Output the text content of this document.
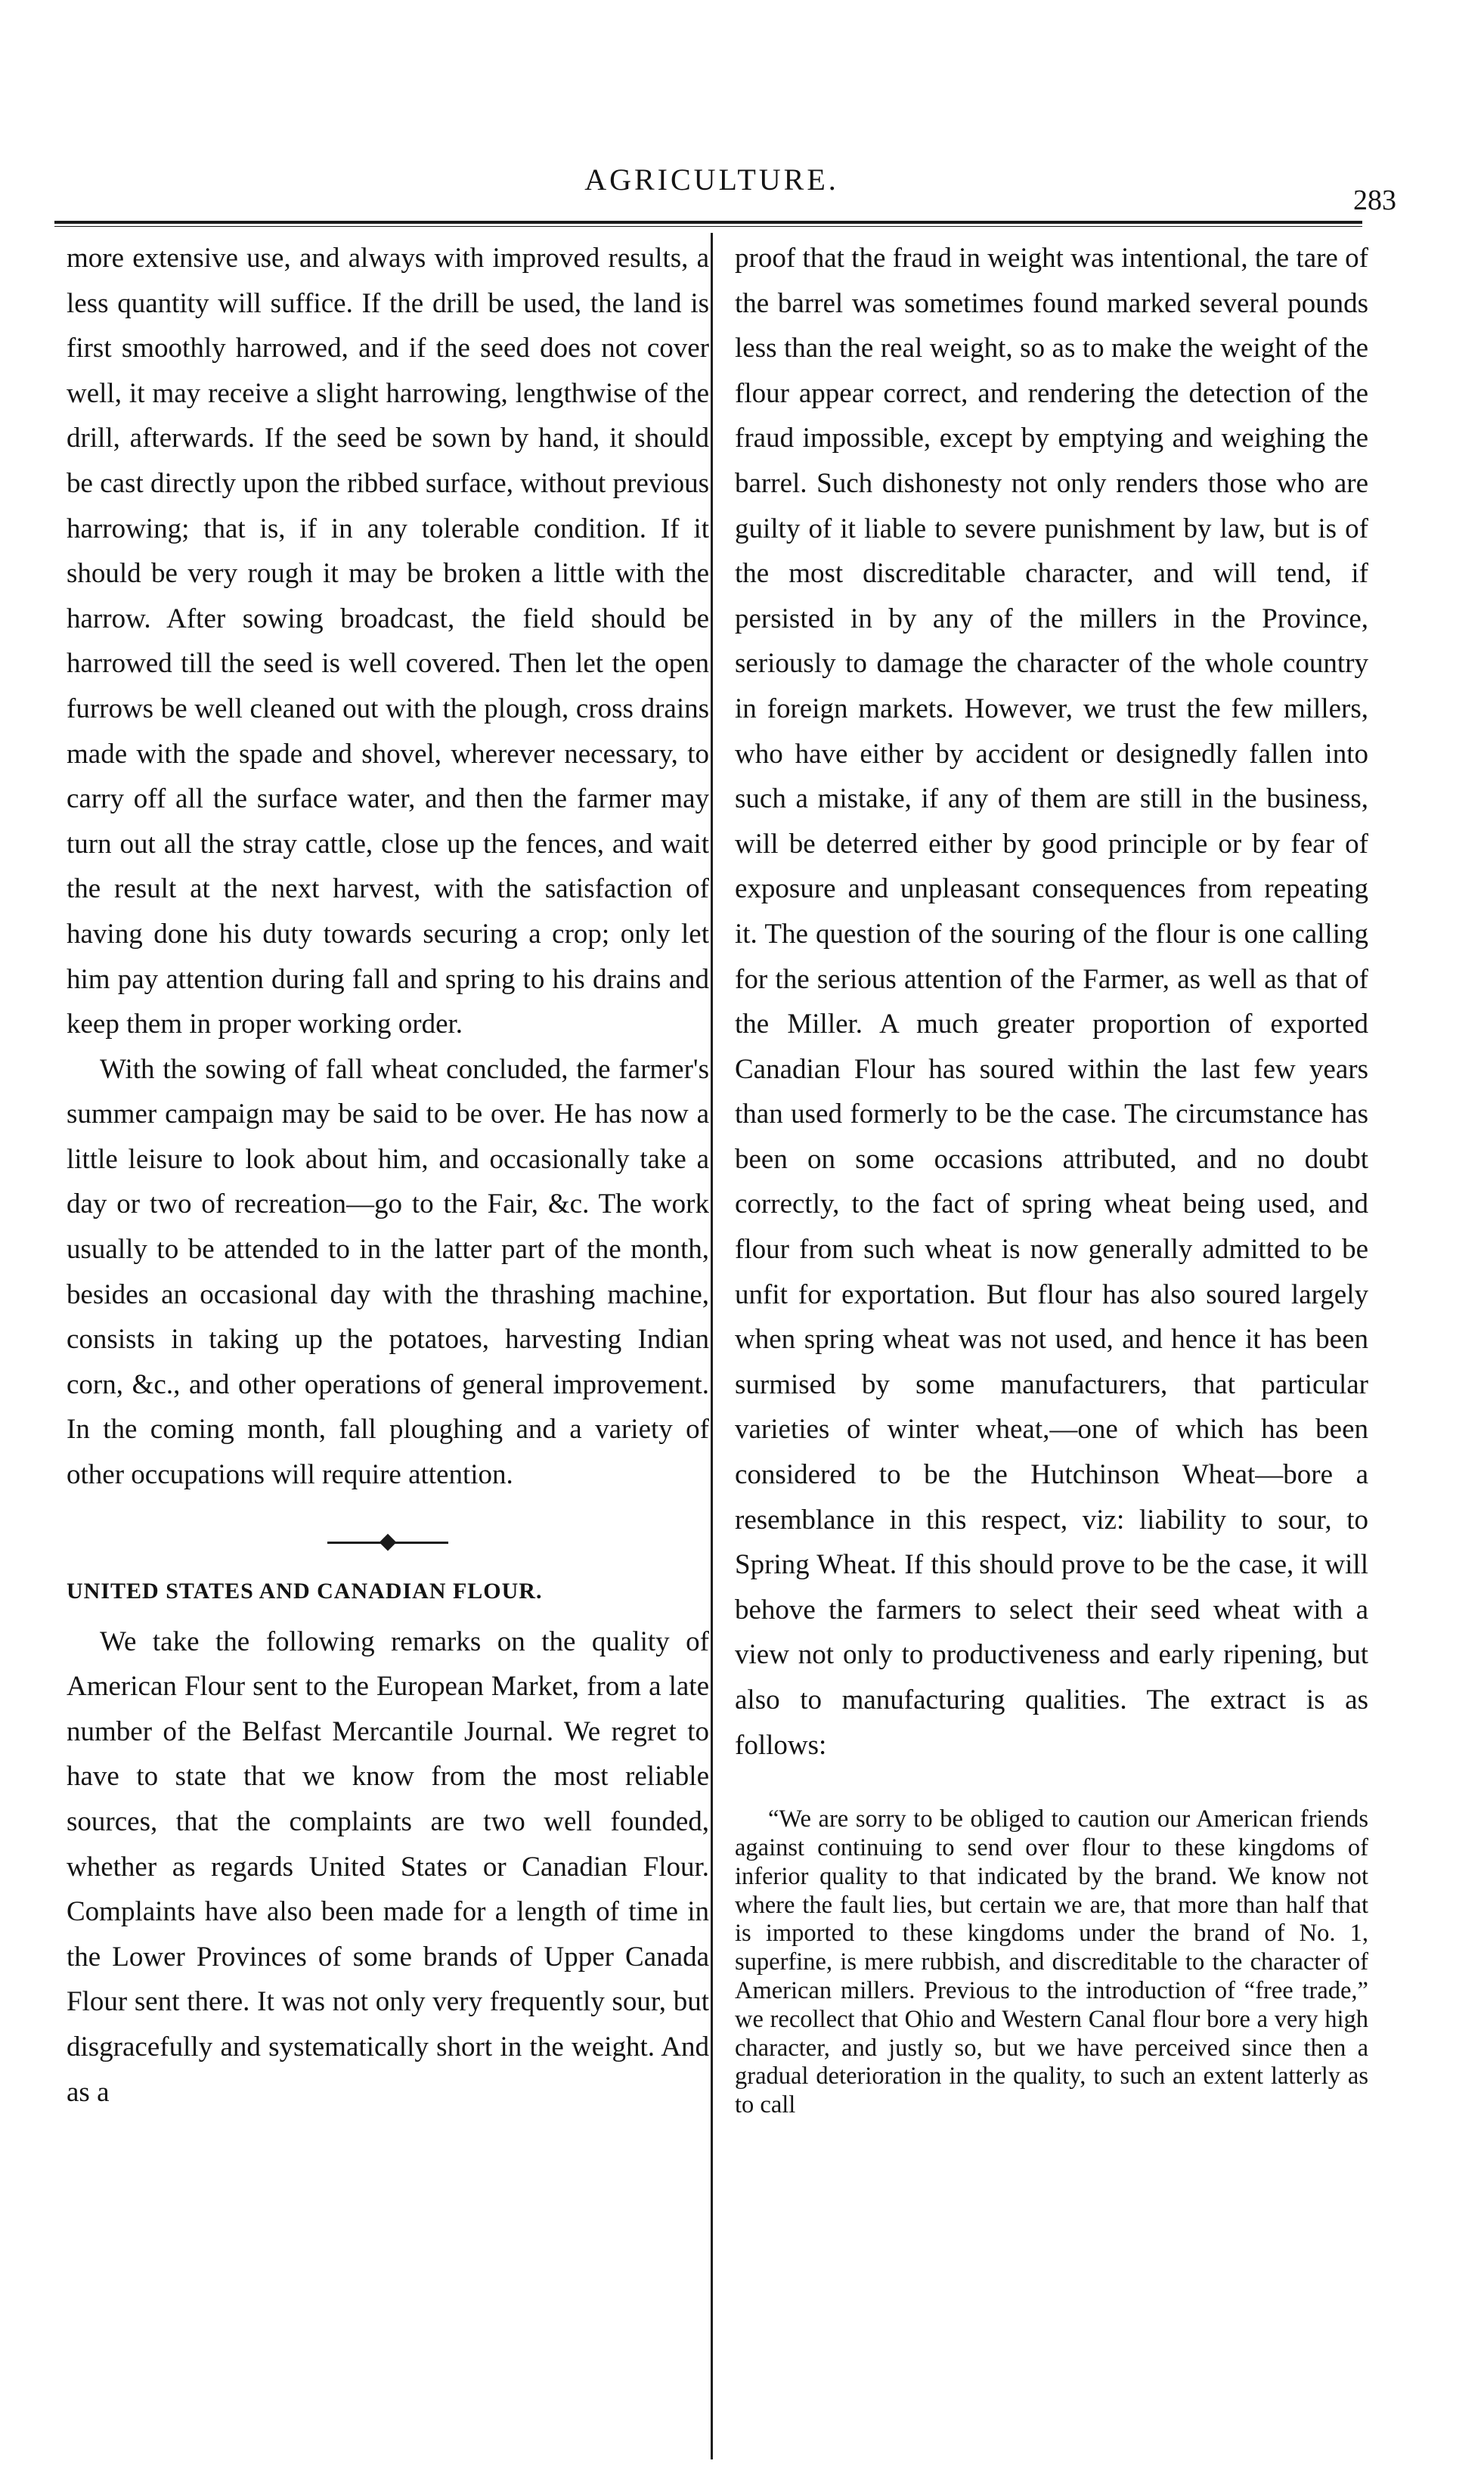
AGRICULTURE.
283

more extensive use, and always with improved results, a less quantity will suffice. If the drill be used, the land is first smoothly harrowed, and if the seed does not cover well, it may receive a slight harrowing, lengthwise of the drill, afterwards. If the seed be sown by hand, it should be cast directly upon the ribbed surface, without previous harrowing; that is, if in any tolerable condition. If it should be very rough it may be broken a little with the harrow. After sowing broadcast, the field should be harrowed till the seed is well covered. Then let the open furrows be well cleaned out with the plough, cross drains made with the spade and shovel, wherever necessary, to carry off all the surface water, and then the farmer may turn out all the stray cattle, close up the fences, and wait the result at the next harvest, with the satisfaction of having done his duty towards securing a crop; only let him pay attention during fall and spring to his drains and keep them in proper working order.

With the sowing of fall wheat concluded, the farmer's summer campaign may be said to be over. He has now a little leisure to look about him, and occasionally take a day or two of recreation—go to the Fair, &c. The work usually to be attended to in the latter part of the month, besides an occasional day with the thrashing machine, consists in taking up the potatoes, harvesting Indian corn, &c., and other operations of general improvement. In the coming month, fall ploughing and a variety of other occupations will require attention.

UNITED STATES AND CANADIAN FLOUR.

We take the following remarks on the quality of American Flour sent to the European Market, from a late number of the Belfast Mercantile Journal. We regret to have to state that we know from the most reliable sources, that the complaints are two well founded, whether as regards United States or Canadian Flour. Complaints have also been made for a length of time in the Lower Provinces of some brands of Upper Canada Flour sent there. It was not only very frequently sour, but disgracefully and systematically short in the weight. And as a

proof that the fraud in weight was intentional, the tare of the barrel was sometimes found marked several pounds less than the real weight, so as to make the weight of the flour appear correct, and rendering the detection of the fraud impossible, except by emptying and weighing the barrel. Such dishonesty not only renders those who are guilty of it liable to severe punishment by law, but is of the most discreditable character, and will tend, if persisted in by any of the millers in the Province, seriously to damage the character of the whole country in foreign markets. However, we trust the few millers, who have either by accident or designedly fallen into such a mistake, if any of them are still in the business, will be deterred either by good principle or by fear of exposure and unpleasant consequences from repeating it. The question of the souring of the flour is one calling for the serious attention of the Farmer, as well as that of the Miller. A much greater proportion of exported Canadian Flour has soured within the last few years than used formerly to be the case. The circumstance has been on some occasions attributed, and no doubt correctly, to the fact of spring wheat being used, and flour from such wheat is now generally admitted to be unfit for exportation. But flour has also soured largely when spring wheat was not used, and hence it has been surmised by some manufacturers, that particular varieties of winter wheat,—one of which has been considered to be the Hutchinson Wheat—bore a resemblance in this respect, viz: liability to sour, to Spring Wheat. If this should prove to be the case, it will behove the farmers to select their seed wheat with a view not only to productiveness and early ripening, but also to manufacturing qualities. The extract is as follows:

“We are sorry to be obliged to caution our American friends against continuing to send over flour to these kingdoms of inferior quality to that indicated by the brand. We know not where the fault lies, but certain we are, that more than half that is imported to these kingdoms under the brand of No. 1, superfine, is mere rubbish, and discreditable to the character of American millers. Previous to the introduction of “free trade,” we recollect that Ohio and Western Canal flour bore a very high character, and justly so, but we have perceived since then a gradual deterioration in the quality, to such an extent latterly as to call
